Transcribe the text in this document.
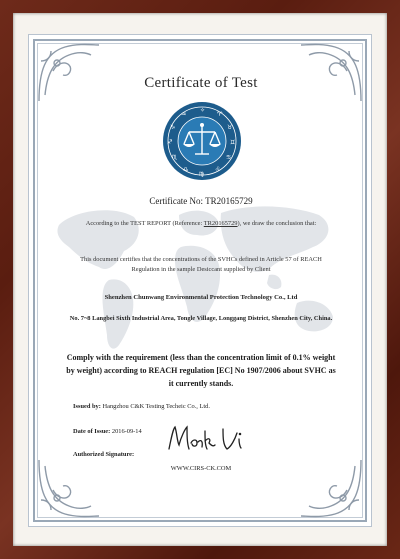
Certificate of Test
✧
♈
♉
♊
♋
♌
♍
♎
♏
♐
♑
♒
Certificate No: TR20165729
According to the TEST REPORT (Reference: TR20165729), we draw the conclusion that:
This document certifies that the concentrations of the SVHCs defined in Article 57 of REACH Regulation in the sample Desiccant supplied by Client
Shenzhen Chunwang Environmental Protection Technology Co., Ltd
No. 7~8 Langbei Sixth Industrial Area, Tongle Village, Longgang District, Shenzhen City, China.
Comply with the requirement (less than the concentration limit of 0.1% weight by weight) according to REACH regulation [EC] No 1907/2006 about SVHC as it currently stands.
Issued by: Hangzhou C&K Testing Techeic Co., Ltd.
Date of Issue: 2016-09-14
Authorized Signature:
WWW.CIRS-CK.COM
